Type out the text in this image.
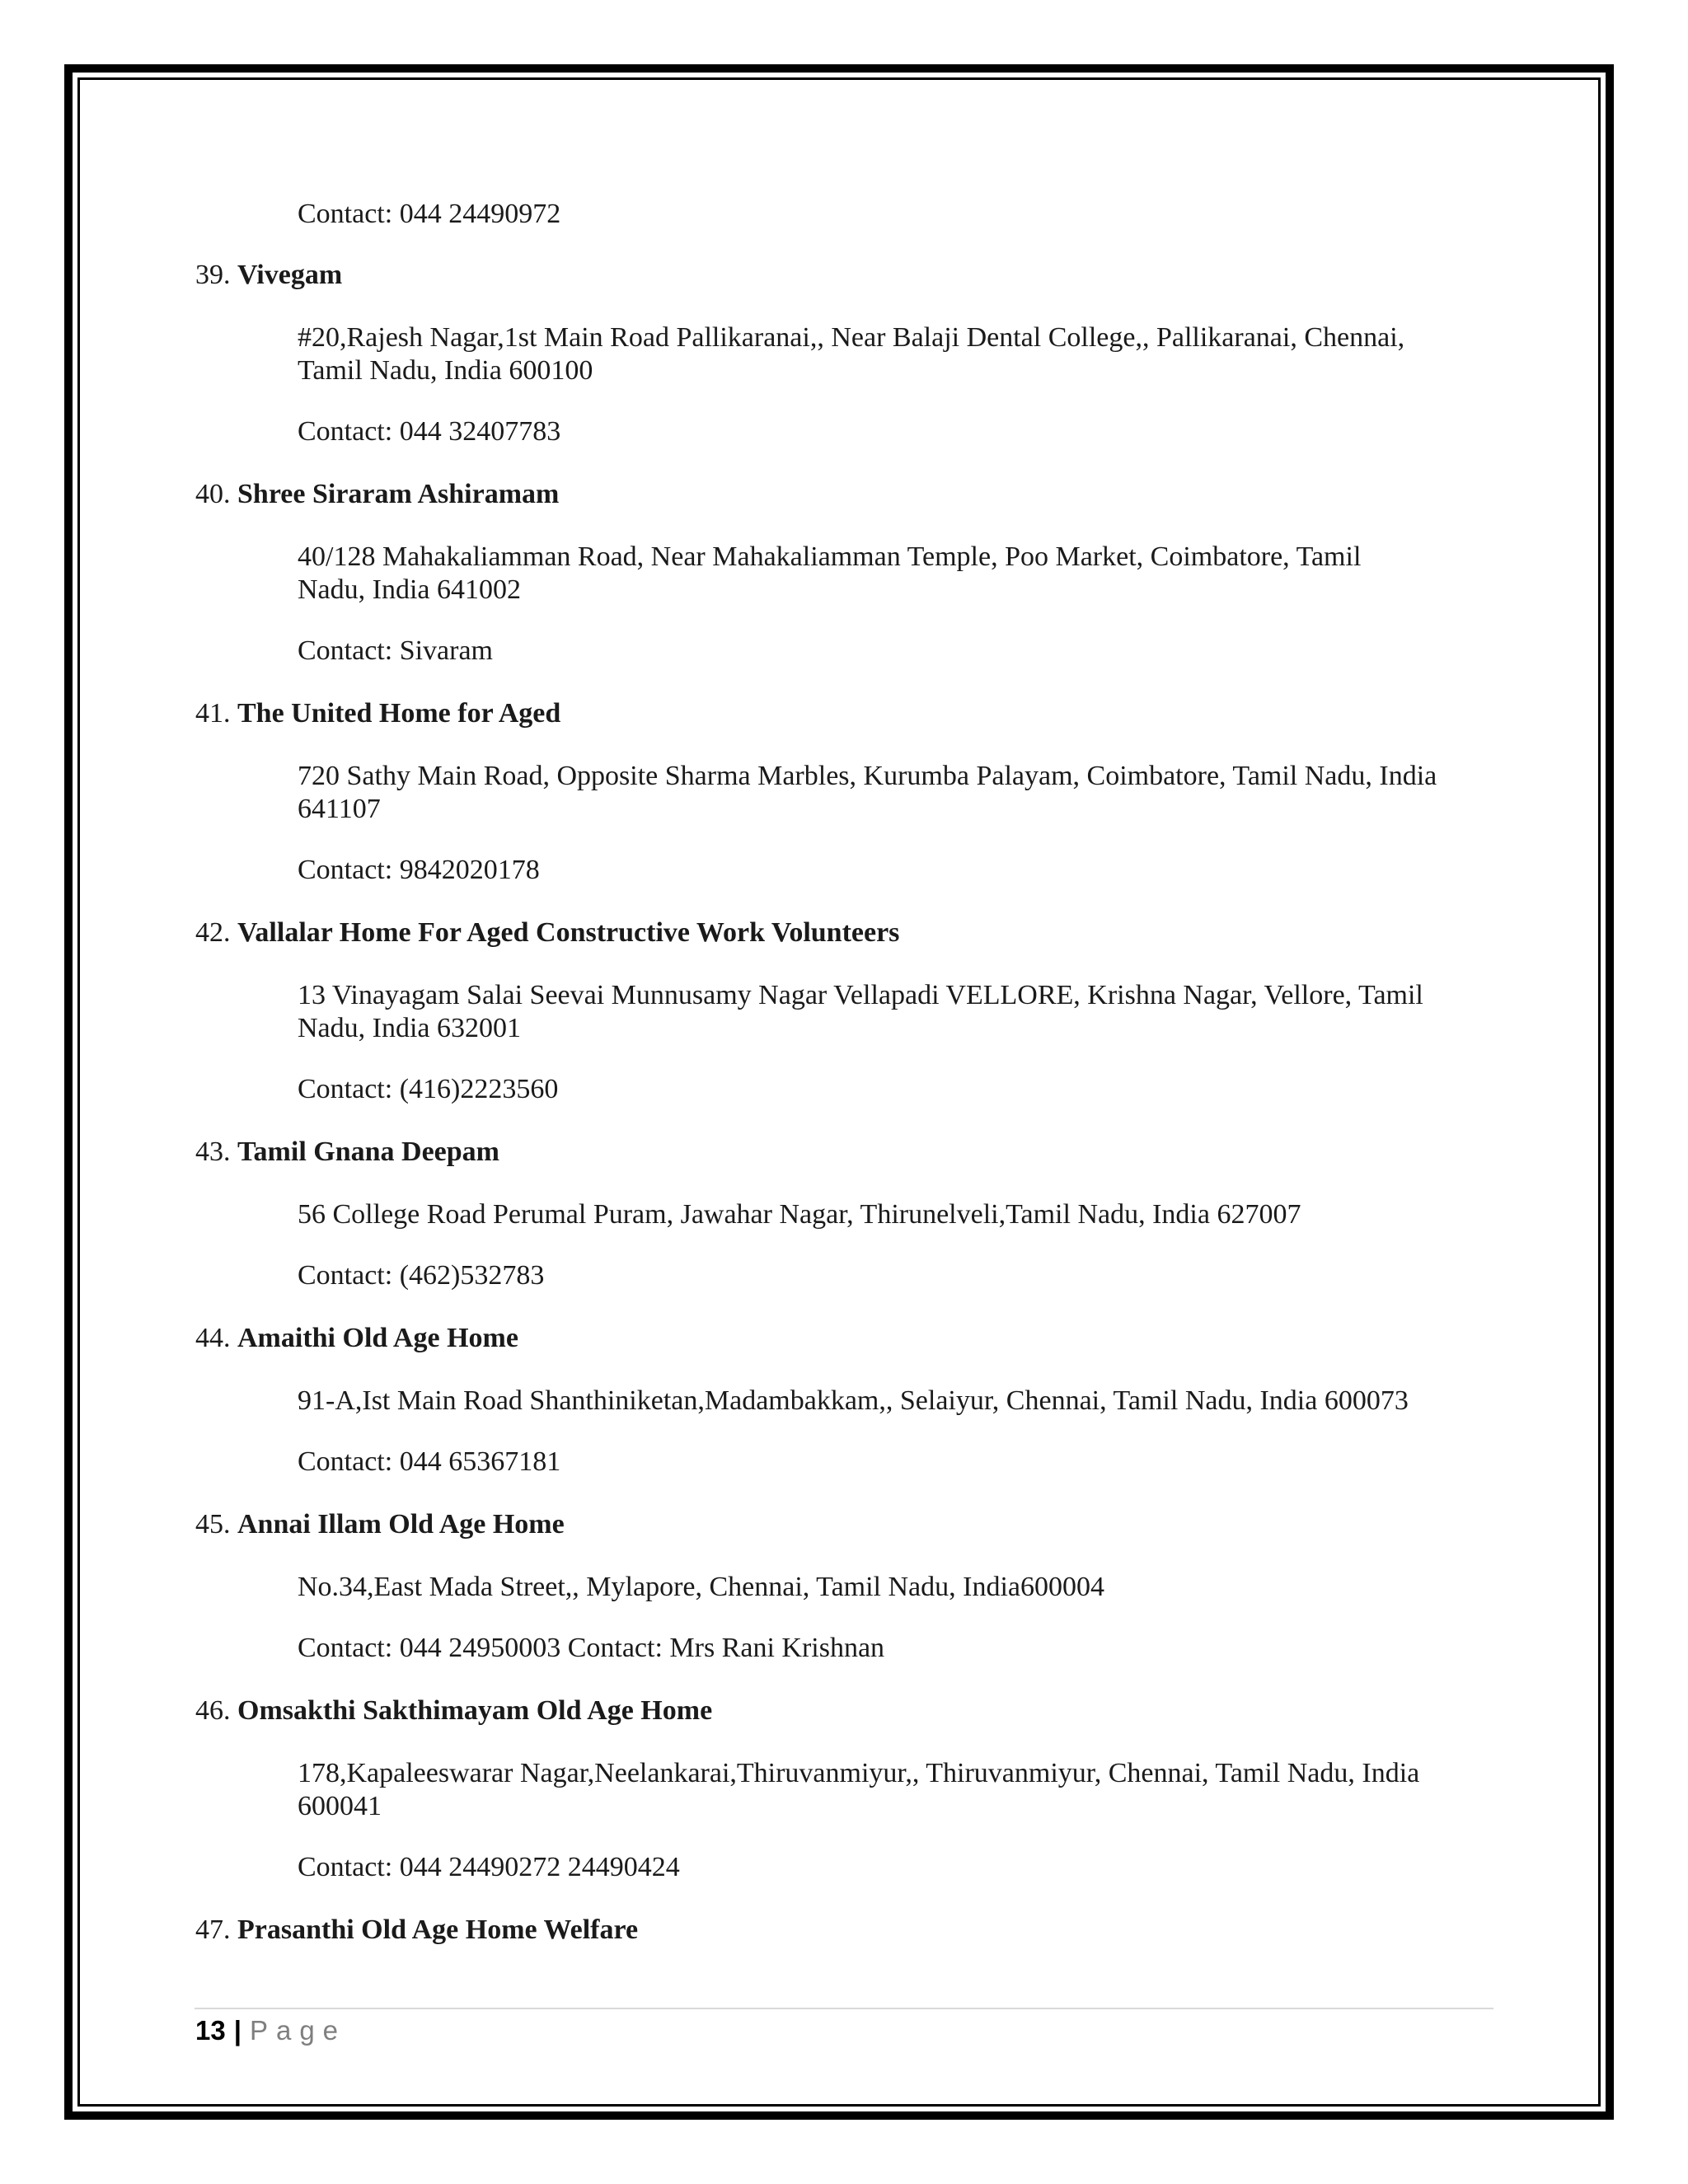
Contact: 044 24490972
39. Vivegam
#20,Rajesh Nagar,1st Main Road Pallikaranai,, Near Balaji Dental College,, Pallikaranai, Chennai,
Tamil Nadu, India 600100
Contact: 044 32407783
40. Shree Siraram Ashiramam
40/128 Mahakaliamman Road, Near Mahakaliamman Temple, Poo Market, Coimbatore, Tamil
Nadu, India 641002
Contact: Sivaram
41. The United Home for Aged
720 Sathy Main Road, Opposite Sharma Marbles, Kurumba Palayam, Coimbatore, Tamil Nadu, India
641107
Contact: 9842020178
42. Vallalar Home For Aged Constructive Work Volunteers
13 Vinayagam Salai Seevai Munnusamy Nagar Vellapadi VELLORE, Krishna Nagar, Vellore, Tamil
Nadu, India 632001
Contact: (416)2223560
43. Tamil Gnana Deepam
56 College Road Perumal Puram, Jawahar Nagar, Thirunelveli,Tamil Nadu, India 627007
Contact: (462)532783
44. Amaithi Old Age Home
91-A,Ist Main Road Shanthiniketan,Madambakkam,, Selaiyur, Chennai, Tamil Nadu, India 600073
Contact: 044 65367181
45. Annai Illam Old Age Home
No.34,East Mada Street,, Mylapore, Chennai, Tamil Nadu, India600004
Contact: 044 24950003 Contact: Mrs Rani Krishnan
46. Omsakthi Sakthimayam Old Age Home
178,Kapaleeswarar Nagar,Neelankarai,Thiruvanmiyur,, Thiruvanmiyur, Chennai, Tamil Nadu, India
600041
Contact: 044 24490272 24490424
47. Prasanthi Old Age Home Welfare
13 | Page
